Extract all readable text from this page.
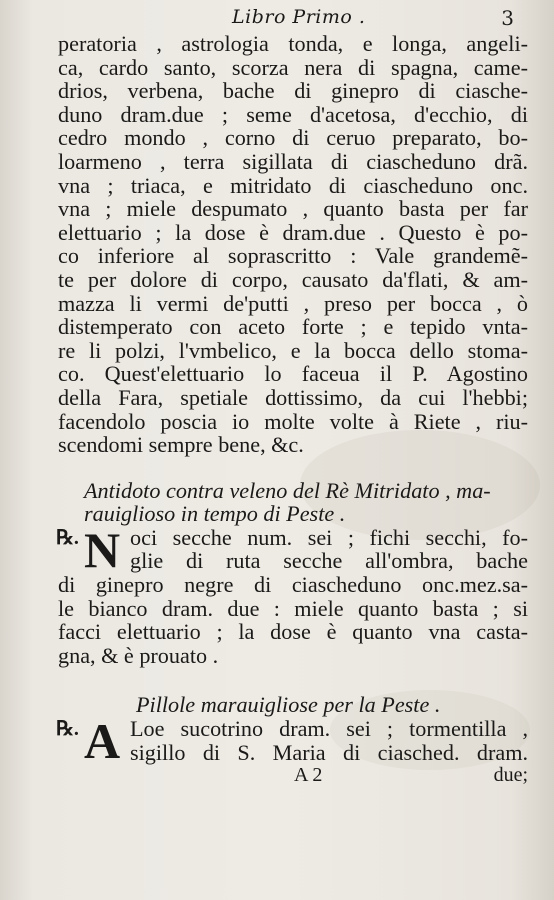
Libro Primo .	3
peratoria , astrologia tonda, e longa, angeli-
ca, cardo santo, scorza nera di spagna, came-
drios, verbena, bache di ginepro di ciasche-
duno dram.due ; seme d'acetosa, d'ecchio, di
cedro mondo , corno di ceruo preparato, bo-
loarmeno , terra sigillata di ciascheduno drã.
vna ; triaca, e mitridato di ciascheduno onc.
vna ; miele despumato , quanto basta per far
elettuario ; la dose è dram.due . Questo è po-
co inferiore al soprascritto : Vale grandemẽ-
te per dolore di corpo, causato da'flati, & am-
mazza li vermi de'putti , preso per bocca , ò
distemperato con aceto forte ; e tepido vnta-
re li polzi, l'vmbelico, e la bocca dello stoma-
co. Quest'elettuario lo faceua il P. Agostino
della Fara, spetiale dottissimo, da cui l'hebbi;
facendolo poscia io molte volte à Riete , riu-
scendomi sempre bene, &c.
Antidoto contra veleno del Rè Mitridato , ma-
rauiglioso in tempo di Peste .
℞. N oci secche num. sei ; fichi secchi, fo-
glie di ruta secche all'ombra, bache
di ginepro negre di ciascheduno onc.mez.sa-
le bianco dram. due : miele quanto basta ; si
facci elettuario ; la dose è quanto vna casta-
gna, & è prouato .
Pillole marauigliose per la Peste .
℞. A Loe sucotrino dram. sei ; tormentilla ,
sigillo di S. Maria di ciasched. dram.
A 2	due;
